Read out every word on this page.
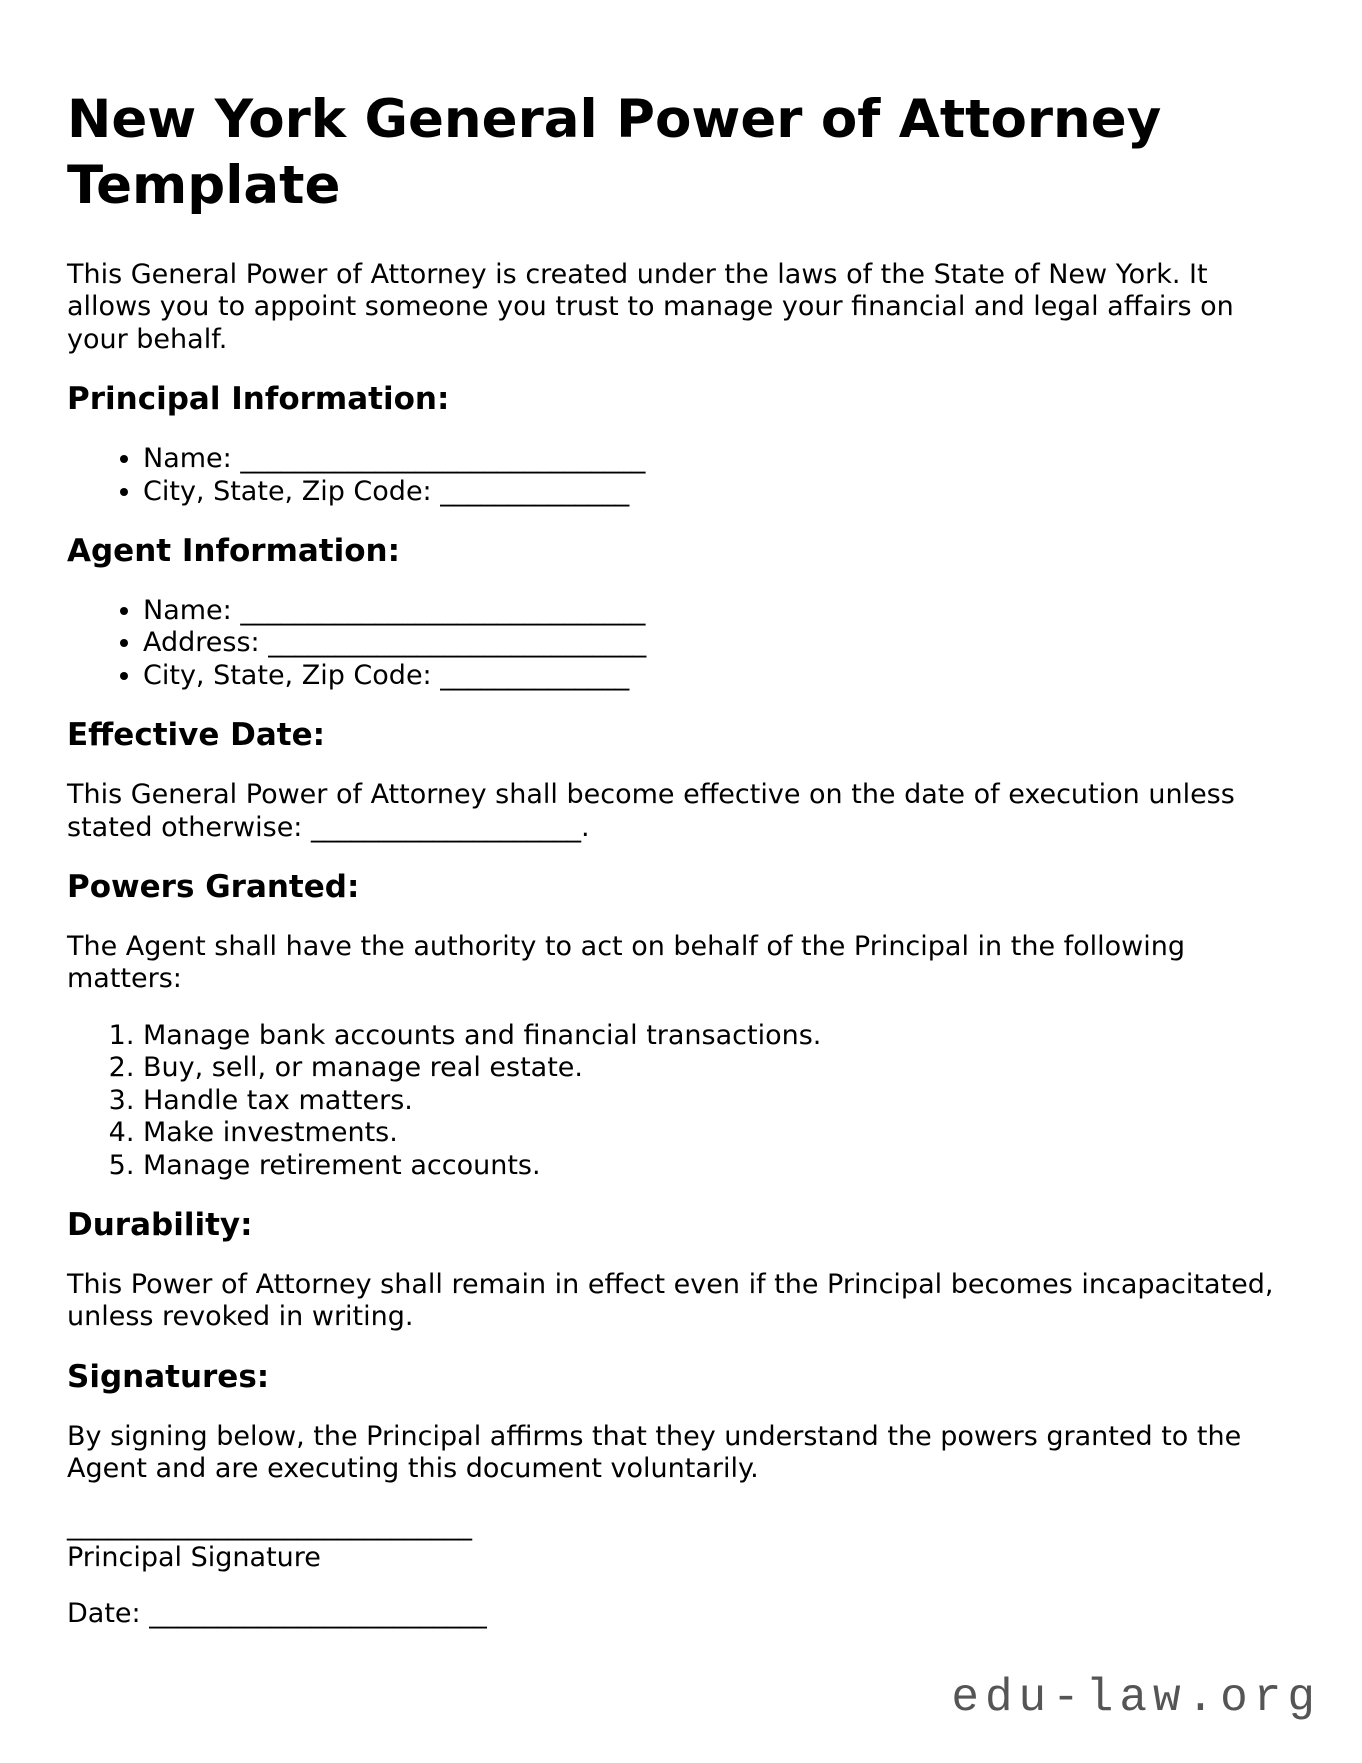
New York General Power of Attorney Template

This General Power of Attorney is created under the laws of the State of New York. It allows you to appoint someone you trust to manage your financial and legal affairs on your behalf.

Principal Information:
• Name: ______________________________
• City, State, Zip Code: ______________
Agent Information:
• Name: ______________________________
• Address: ____________________________
• City, State, Zip Code: ______________
Effective Date:

This General Power of Attorney shall become effective on the date of execution unless stated otherwise: ____________________.

Powers Granted:

The Agent shall have the authority to act on behalf of the Principal in the following matters:

1. Manage bank accounts and financial transactions.
2. Buy, sell, or manage real estate.
3. Handle tax matters.
4. Make investments.
5. Manage retirement accounts.
Durability:

This Power of Attorney shall remain in effect even if the Principal becomes incapacitated, unless revoked in writing.

Signatures:

By signing below, the Principal affirms that they understand the powers granted to the Agent and are executing this document voluntarily.

______________________________
Principal Signature

Date: _________________________

edu-law.org
